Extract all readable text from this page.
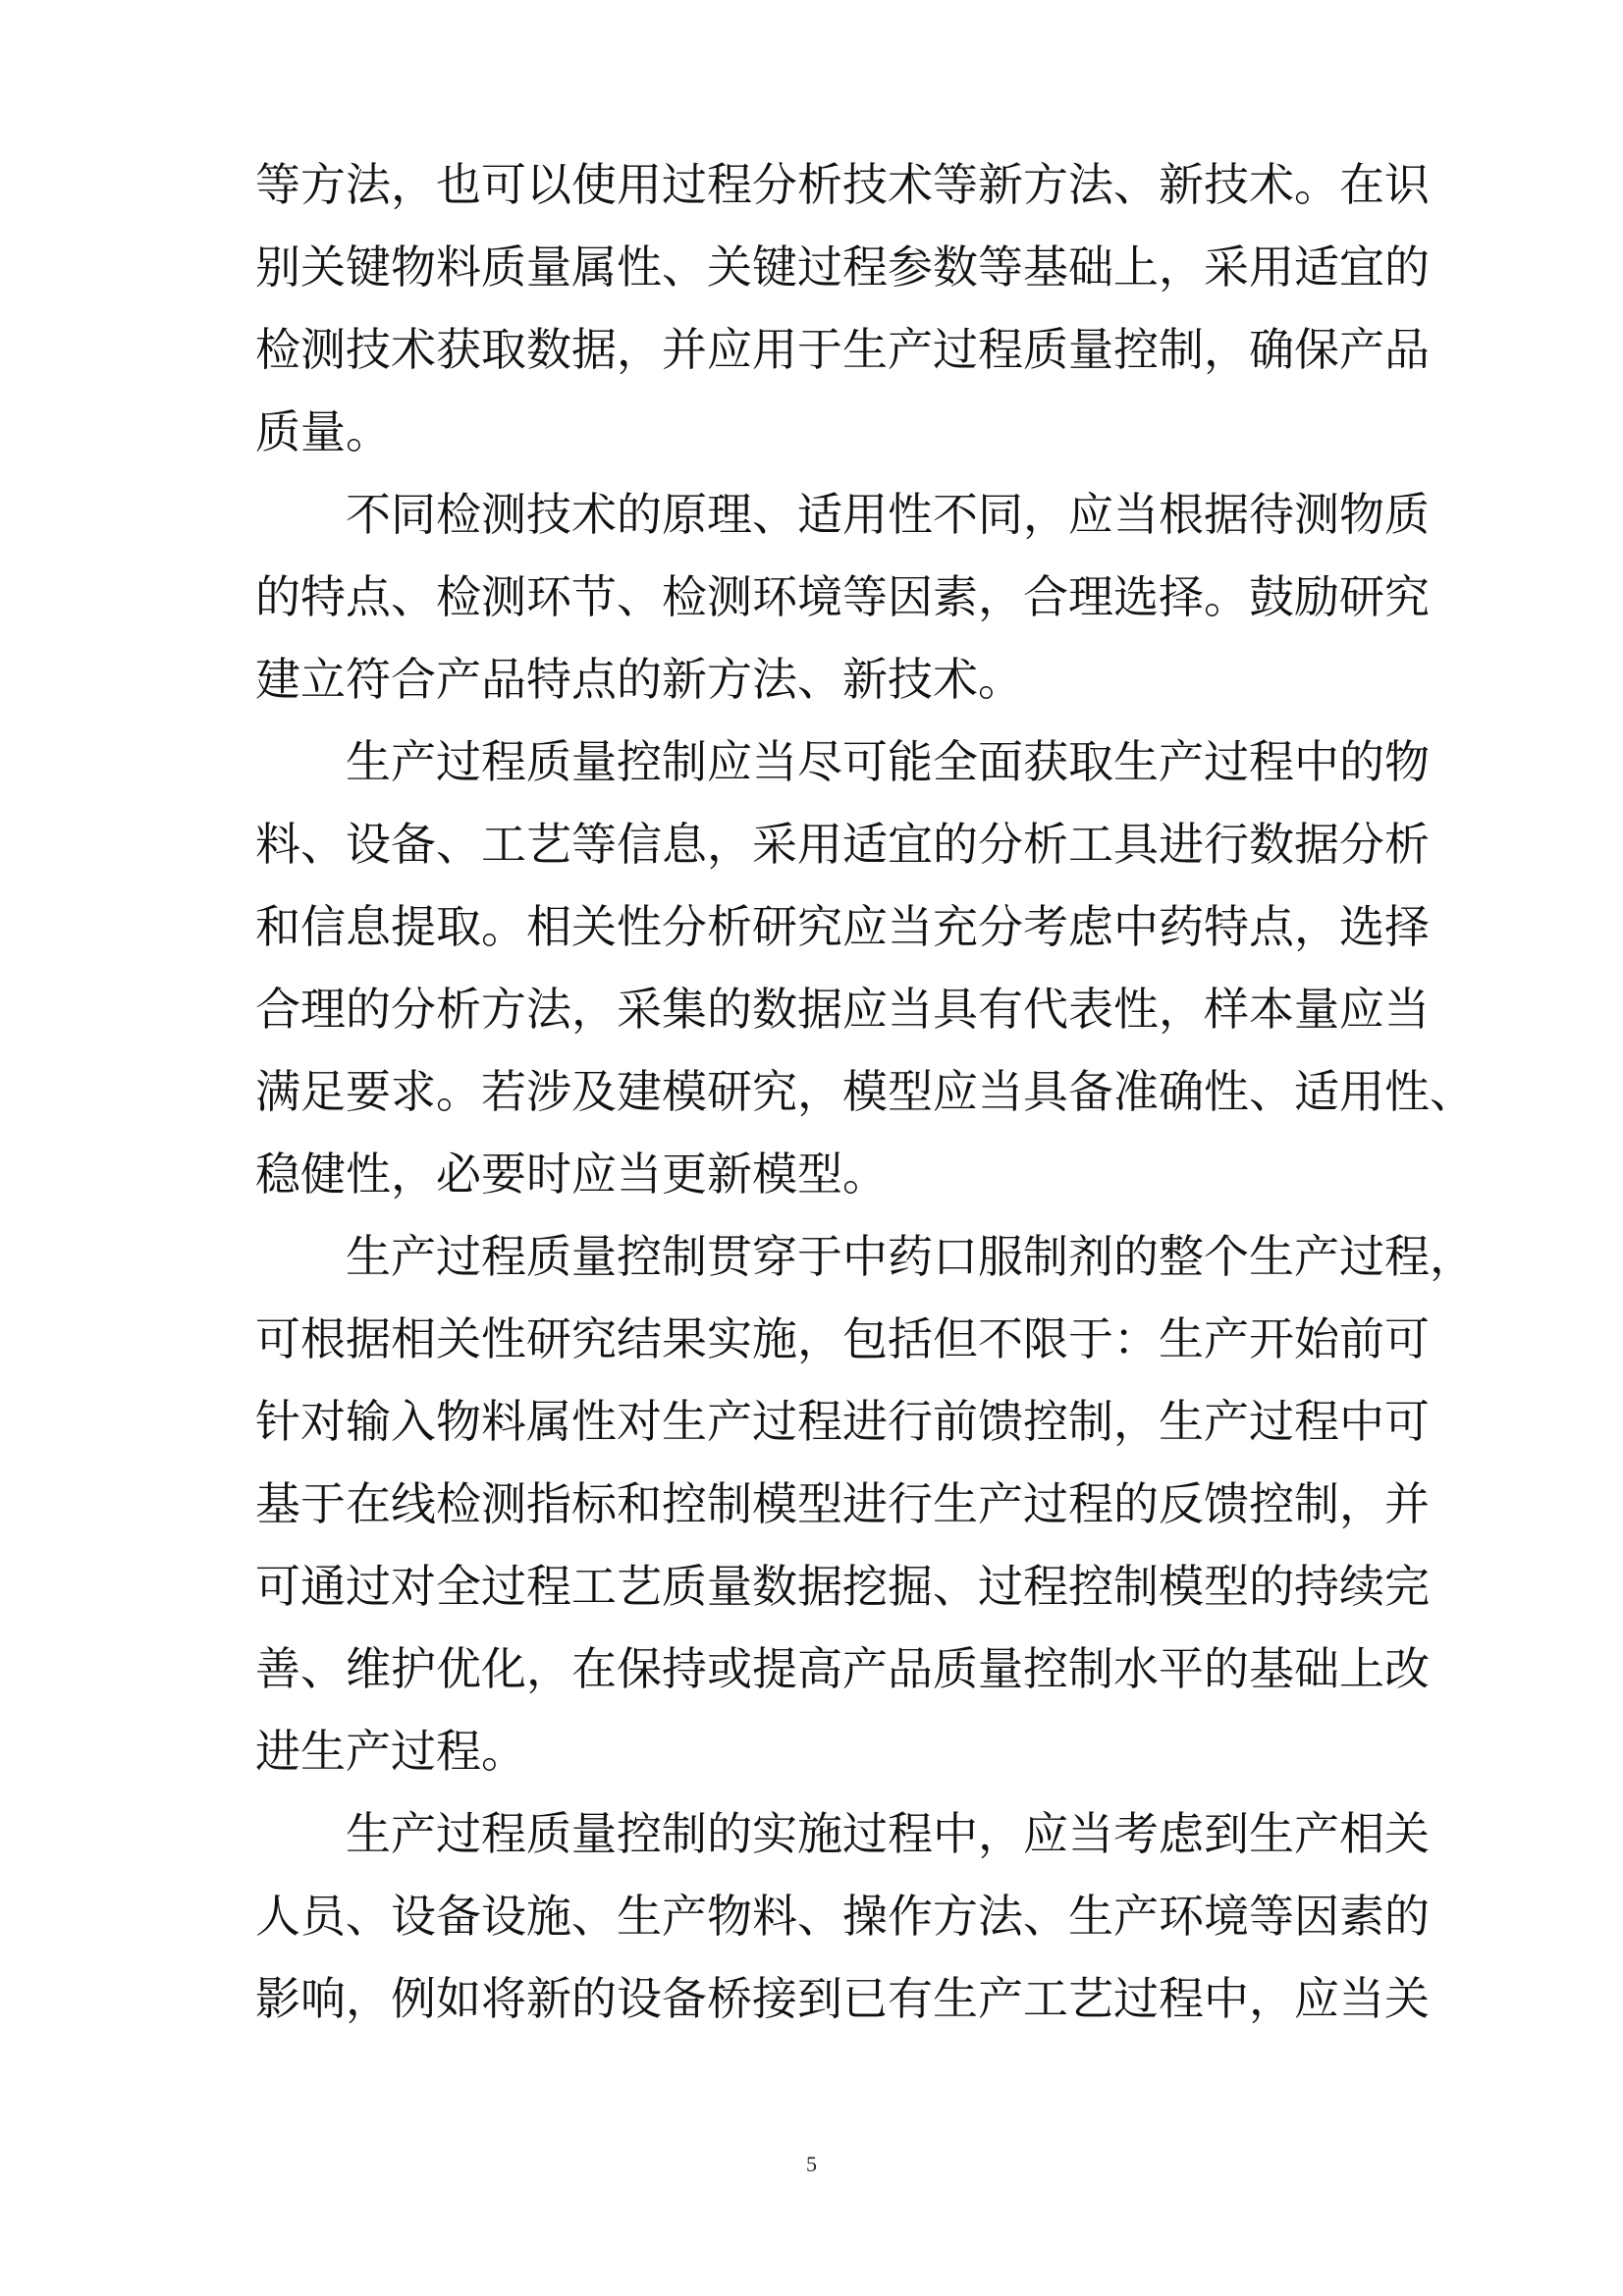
等方法，也可以使用过程分析技术等新方法、新技术。在识
别关键物料质量属性、关键过程参数等基础上，采用适宜的
检测技术获取数据，并应用于生产过程质量控制，确保产品
质量。
不同检测技术的原理、适用性不同，应当根据待测物质
的特点、检测环节、检测环境等因素，合理选择。鼓励研究
建立符合产品特点的新方法、新技术。
生产过程质量控制应当尽可能全面获取生产过程中的物
料、设备、工艺等信息，采用适宜的分析工具进行数据分析
和信息提取。相关性分析研究应当充分考虑中药特点，选择
合理的分析方法，采集的数据应当具有代表性，样本量应当
满足要求。若涉及建模研究，模型应当具备准确性、适用性、
稳健性，必要时应当更新模型。
生产过程质量控制贯穿于中药口服制剂的整个生产过程，
可根据相关性研究结果实施，包括但不限于：生产开始前可
针对输入物料属性对生产过程进行前馈控制，生产过程中可
基于在线检测指标和控制模型进行生产过程的反馈控制，并
可通过对全过程工艺质量数据挖掘、过程控制模型的持续完
善、维护优化，在保持或提高产品质量控制水平的基础上改
进生产过程。
生产过程质量控制的实施过程中，应当考虑到生产相关
人员、设备设施、生产物料、操作方法、生产环境等因素的
影响，例如将新的设备桥接到已有生产工艺过程中，应当关
5
